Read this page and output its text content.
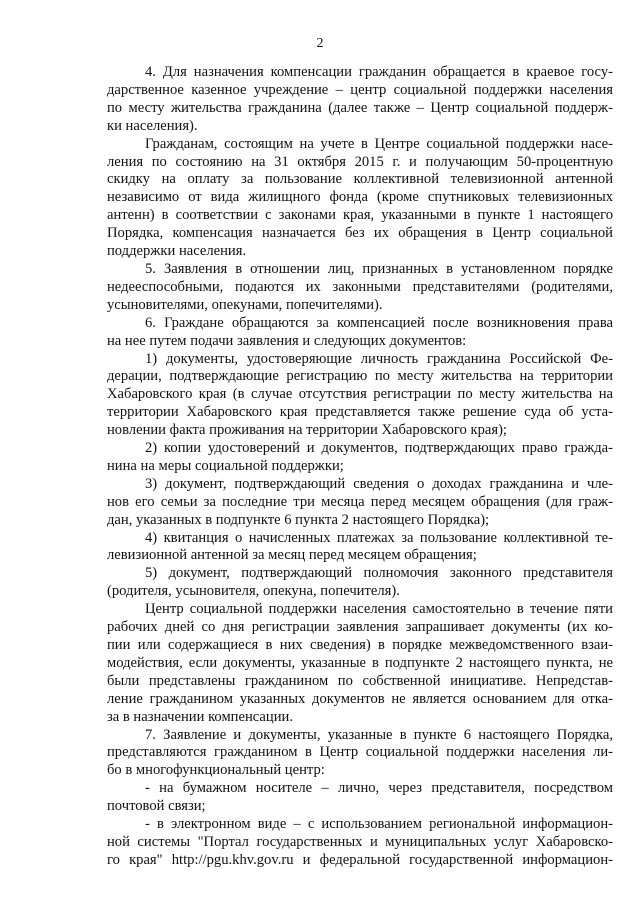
2
4. Для назначения компенсации гражданин обращается в краевое госу-
дарственное казенное учреждение – центр социальной поддержки населения
по месту жительства гражданина (далее также – Центр социальной поддерж-
ки населения).
Гражданам, состоящим на учете в Центре социальной поддержки насе-
ления по состоянию на 31 октября 2015 г. и получающим 50-процентную
скидку на оплату за пользование коллективной телевизионной антенной
независимо от вида жилищного фонда (кроме спутниковых телевизионных
антенн) в соответствии с законами края, указанными в пункте 1 настоящего
Порядка, компенсация назначается без их обращения в Центр социальной
поддержки населения.
5. Заявления в отношении лиц, признанных в установленном порядке
недееспособными, подаются их законными представителями (родителями,
усыновителями, опекунами, попечителями).
6. Граждане обращаются за компенсацией после возникновения права
на нее путем подачи заявления и следующих документов:
1) документы, удостоверяющие личность гражданина Российской Фе-
дерации, подтверждающие регистрацию по месту жительства на территории
Хабаровского края (в случае отсутствия регистрации по месту жительства на
территории Хабаровского края представляется также решение суда об уста-
новлении факта проживания на территории Хабаровского края);
2) копии удостоверений и документов, подтверждающих право гражда-
нина на меры социальной поддержки;
3) документ, подтверждающий сведения о доходах гражданина и чле-
нов его семьи за последние три месяца перед месяцем обращения (для граж-
дан, указанных в подпункте 6 пункта 2 настоящего Порядка);
4) квитанция о начисленных платежах за пользование коллективной те-
левизионной антенной за месяц перед месяцем обращения;
5) документ, подтверждающий полномочия законного представителя
(родителя, усыновителя, опекуна, попечителя).
Центр социальной поддержки населения самостоятельно в течение пяти
рабочих дней со дня регистрации заявления запрашивает документы (их ко-
пии или содержащиеся в них сведения) в порядке межведомственного взаи-
модействия, если документы, указанные в подпункте 2 настоящего пункта, не
были представлены гражданином по собственной инициативе. Непредстав-
ление гражданином указанных документов не является основанием для отка-
за в назначении компенсации.
7. Заявление и документы, указанные в пункте 6 настоящего Порядка,
представляются гражданином в Центр социальной поддержки населения ли-
бо в многофункциональный центр:
- на бумажном носителе – лично, через представителя, посредством
почтовой связи;
- в электронном виде – с использованием региональной информацион-
ной системы "Портал государственных и муниципальных услуг Хабаровско-
го края" http://pgu.khv.gov.ru и федеральной государственной информацион-
